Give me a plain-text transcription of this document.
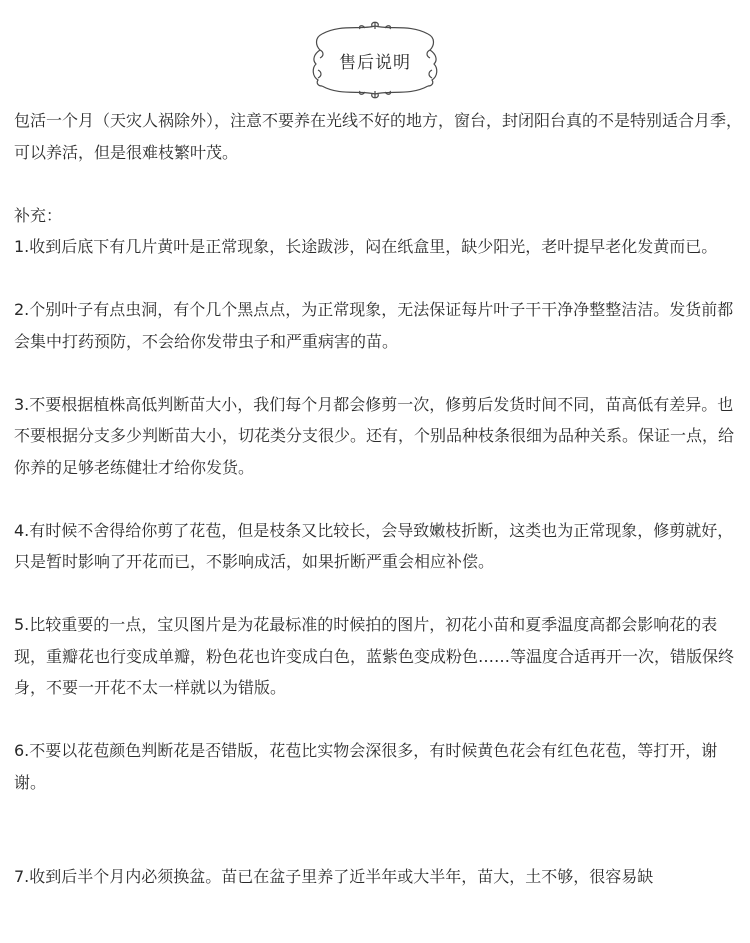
售后说明

包活一个月（天灾人祸除外），注意不要养在光线不好的地方，窗台，封闭阳台真的不是特别适合月季，可以养活，但是很难枝繁叶茂。

补充：

1.收到后底下有几片黄叶是正常现象，长途跋涉，闷在纸盒里，缺少阳光，老叶提早老化发黄而已。

2.个别叶子有点虫洞，有个几个黑点点，为正常现象，无法保证每片叶子干干净净整整洁洁。发货前都会集中打药预防，不会给你发带虫子和严重病害的苗。

3.不要根据植株高低判断苗大小，我们每个月都会修剪一次，修剪后发货时间不同，苗高低有差异。也不要根据分支多少判断苗大小，切花类分支很少。还有，个别品种枝条很细为品种关系。保证一点，给你养的足够老练健壮才给你发货。

4.有时候不舍得给你剪了花苞，但是枝条又比较长，会导致嫩枝折断，这类也为正常现象，修剪就好，只是暂时影响了开花而已，不影响成活，如果折断严重会相应补偿。

5.比较重要的一点，宝贝图片是为花最标准的时候拍的图片，初花小苗和夏季温度高都会影响花的表现，重瓣花也行变成单瓣，粉色花也许变成白色，蓝紫色变成粉色……等温度合适再开一次，错版保终身，不要一开花不太一样就以为错版。

6.不要以花苞颜色判断花是否错版，花苞比实物会深很多，有时候黄色花会有红色花苞，等打开，谢谢。

7.收到后半个月内必须换盆。苗已在盆子里养了近半年或大半年，苗大，土不够，很容易缺
